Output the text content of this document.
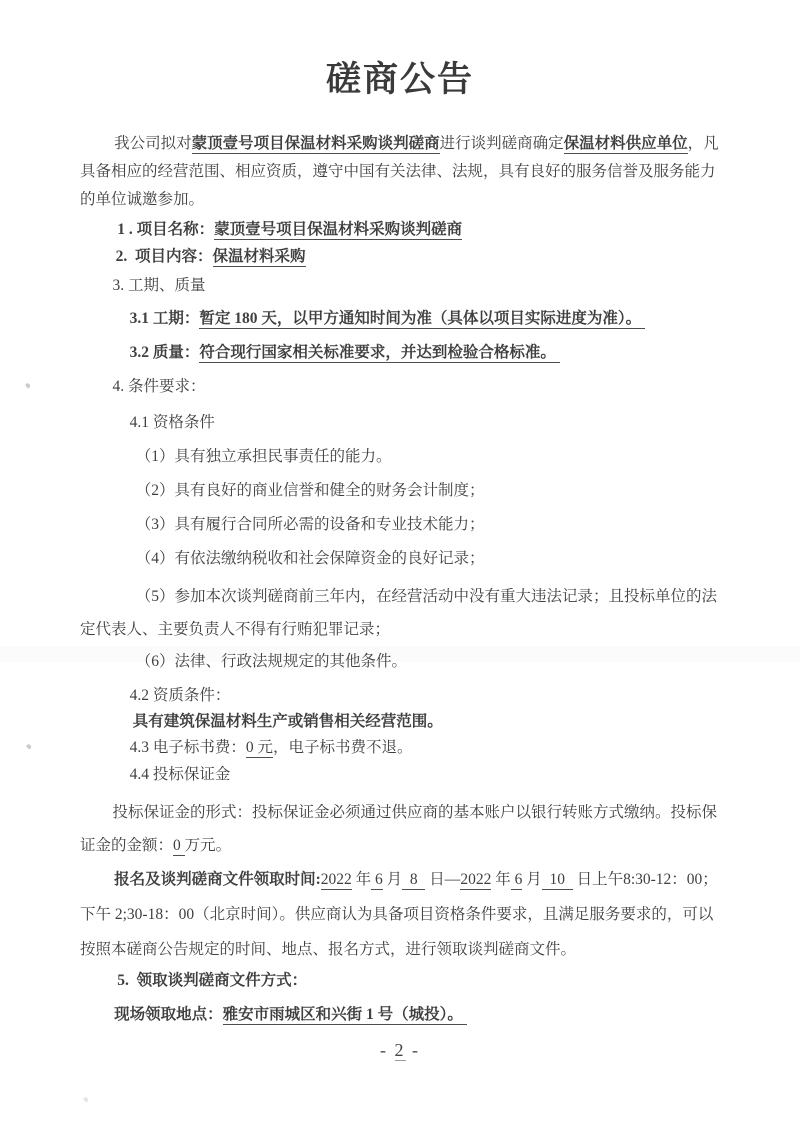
磋商公告

我公司拟对蒙顶壹号项目保温材料采购谈判磋商进行谈判磋商确定保温材料供应单位，凡具备相应的经营范围、相应资质，遵守中国有关法律、法规，具有良好的服务信誉及服务能力的单位诚邀参加。

1 . 项目名称：蒙顶壹号项目保温材料采购谈判磋商

2.  项目内容：保温材料采购

3. 工期、质量

3.1 工期：暂定 180 天，以甲方通知时间为准（具体以项目实际进度为准）。

3.2 质量：符合现行国家相关标准要求，并达到检验合格标准。

4. 条件要求：

4.1 资格条件

（1）具有独立承担民事责任的能力。

（2）具有良好的商业信誉和健全的财务会计制度；

（3）具有履行合同所必需的设备和专业技术能力；

（4）有依法缴纳税收和社会保障资金的良好记录；

（5）参加本次谈判磋商前三年内，在经营活动中没有重大违法记录；且投标单位的法定代表人、主要负责人不得有行贿犯罪记录；

（6）法律、行政法规规定的其他条件。

4.2 资质条件：

具有建筑保温材料生产或销售相关经营范围。

4.3 电子标书费：0 元，电子标书费不退。

4.4 投标保证金

投标保证金的形式：投标保证金必须通过供应商的基本账户以银行转账方式缴纳。投标保证金的金额：0 万元。

报名及谈判磋商文件领取时间:2022 年 6 月  8   日—2022 年 6 月  10   日上午8:30-12：00；下午 2;30-18：00（北京时间）。供应商认为具备项目资格条件要求，且满足服务要求的，可以按照本磋商公告规定的时间、地点、报名方式，进行领取谈判磋商文件。

5.  领取谈判磋商文件方式：

现场领取地点：雅安市雨城区和兴街 1 号（城投）。

- 2 -
